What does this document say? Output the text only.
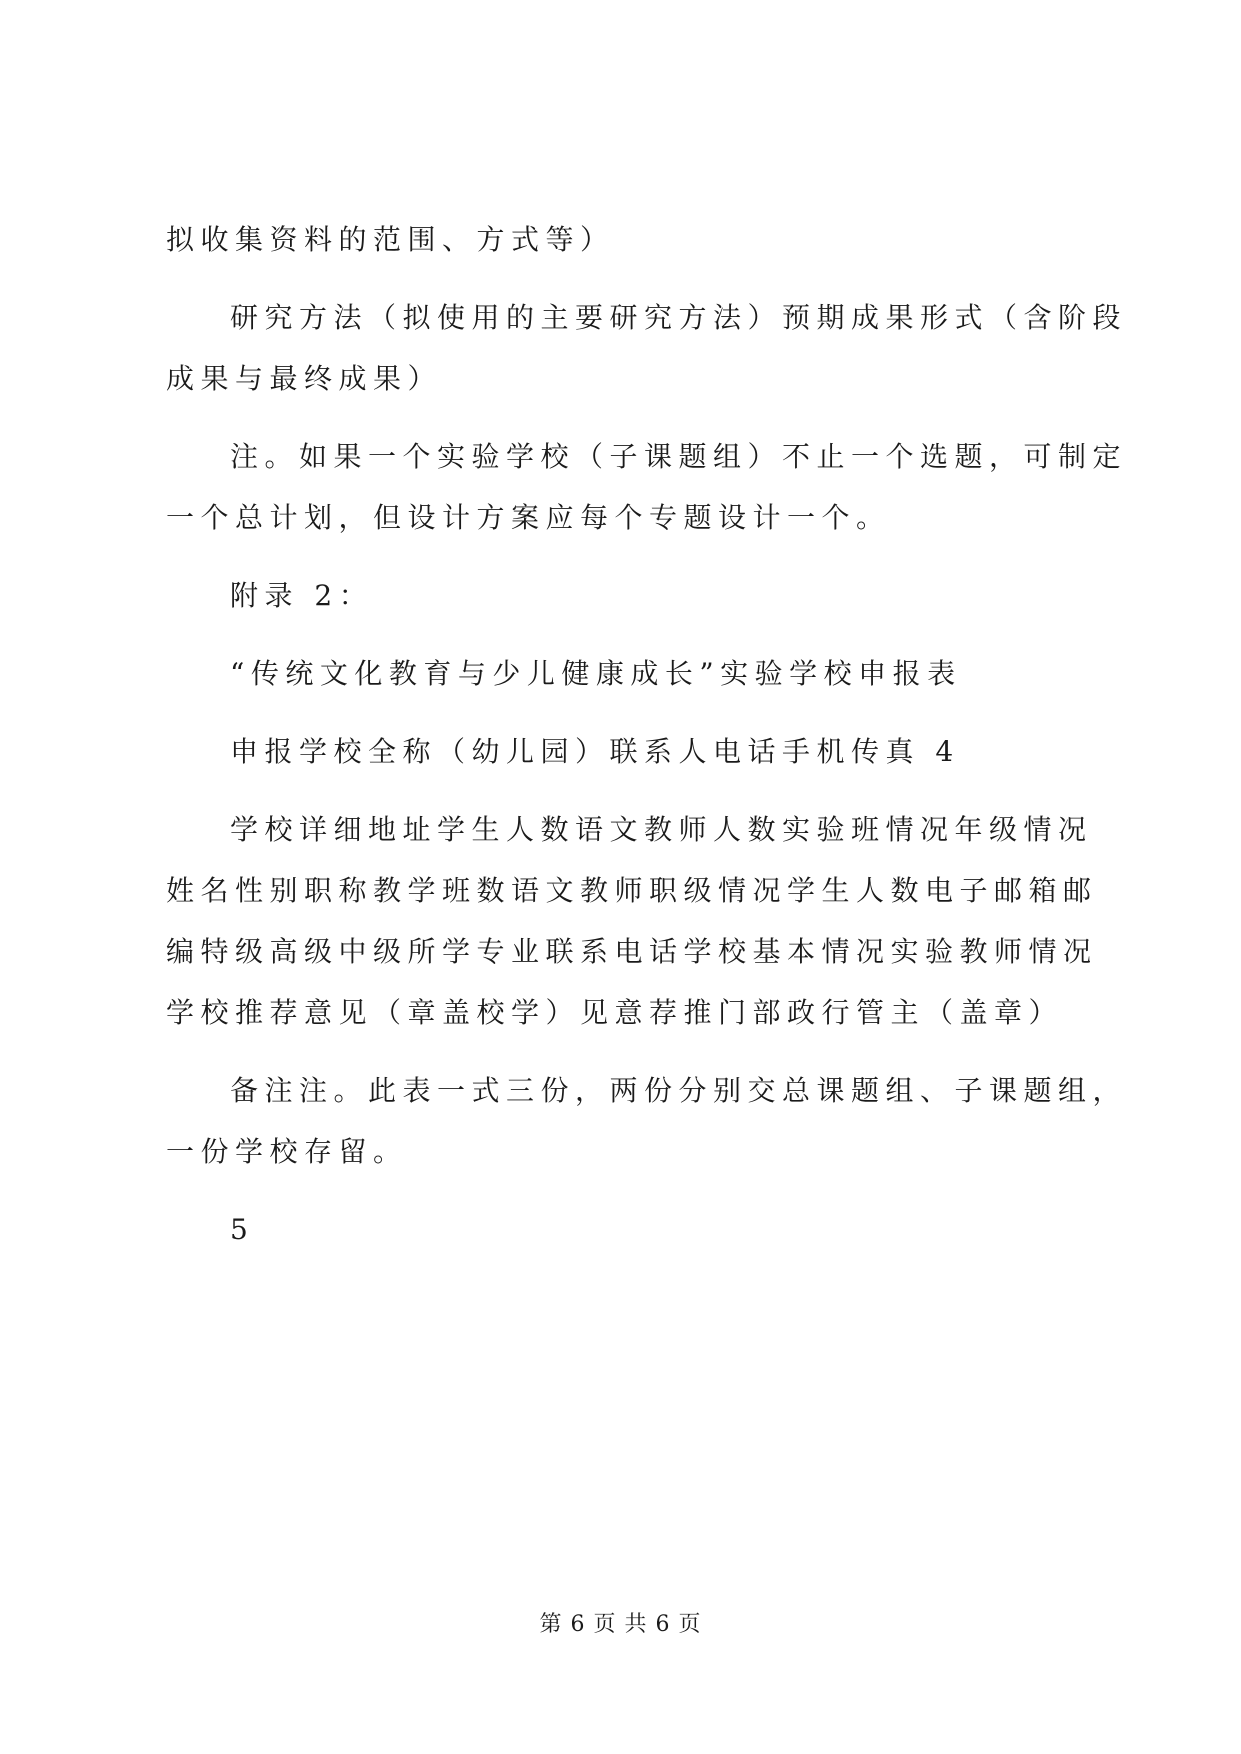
拟收集资料的范围、方式等）
研究方法（拟使用的主要研究方法）预期成果形式（含阶段
成果与最终成果）
注。如果一个实验学校（子课题组）不止一个选题，可制定
一个总计划，但设计方案应每个专题设计一个。
附录 2：
“传统文化教育与少儿健康成长”实验学校申报表
申报学校全称（幼儿园）联系人电话手机传真 4
学校详细地址学生人数语文教师人数实验班情况年级情况
姓名性别职称教学班数语文教师职级情况学生人数电子邮箱邮
编特级高级中级所学专业联系电话学校基本情况实验教师情况
学校推荐意见（章盖校学）见意荐推门部政行管主（盖章）
备注注。此表一式三份，两份分别交总课题组、子课题组，
一份学校存留。
5
第 6 页 共 6 页
